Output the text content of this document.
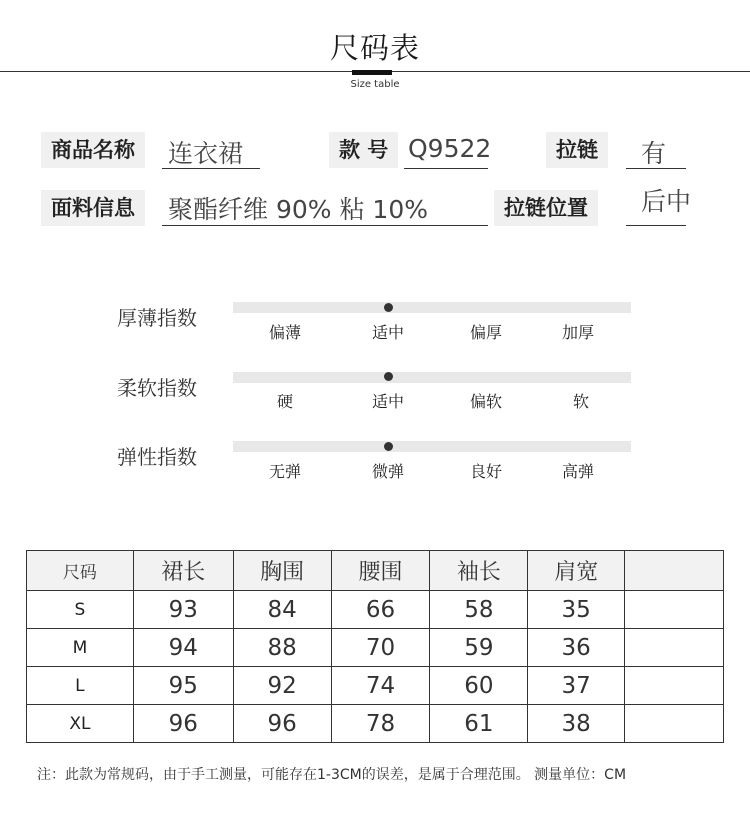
尺码表
Size table
商品名称	连衣裙	款 号 Q9522	拉链	有
面料信息	聚酯纤维 90% 粘 10%	拉链位置	后中
厚薄指数
偏薄	适中	偏厚	加厚
柔软指数
硬	适中	偏软	软
弹性指数
无弹	微弹	良好	高弹
尺码	裙长	胸围	腰围	袖长	肩宽	
S	93	84	66	58	35	
M	94	88	70	59	36	
L	95	92	74	60	37	
XL	96	96	78	61	38	
注：此款为常规码，由于手工测量，可能存在1-3CM的误差，是属于合理范围。 测量单位：CM
